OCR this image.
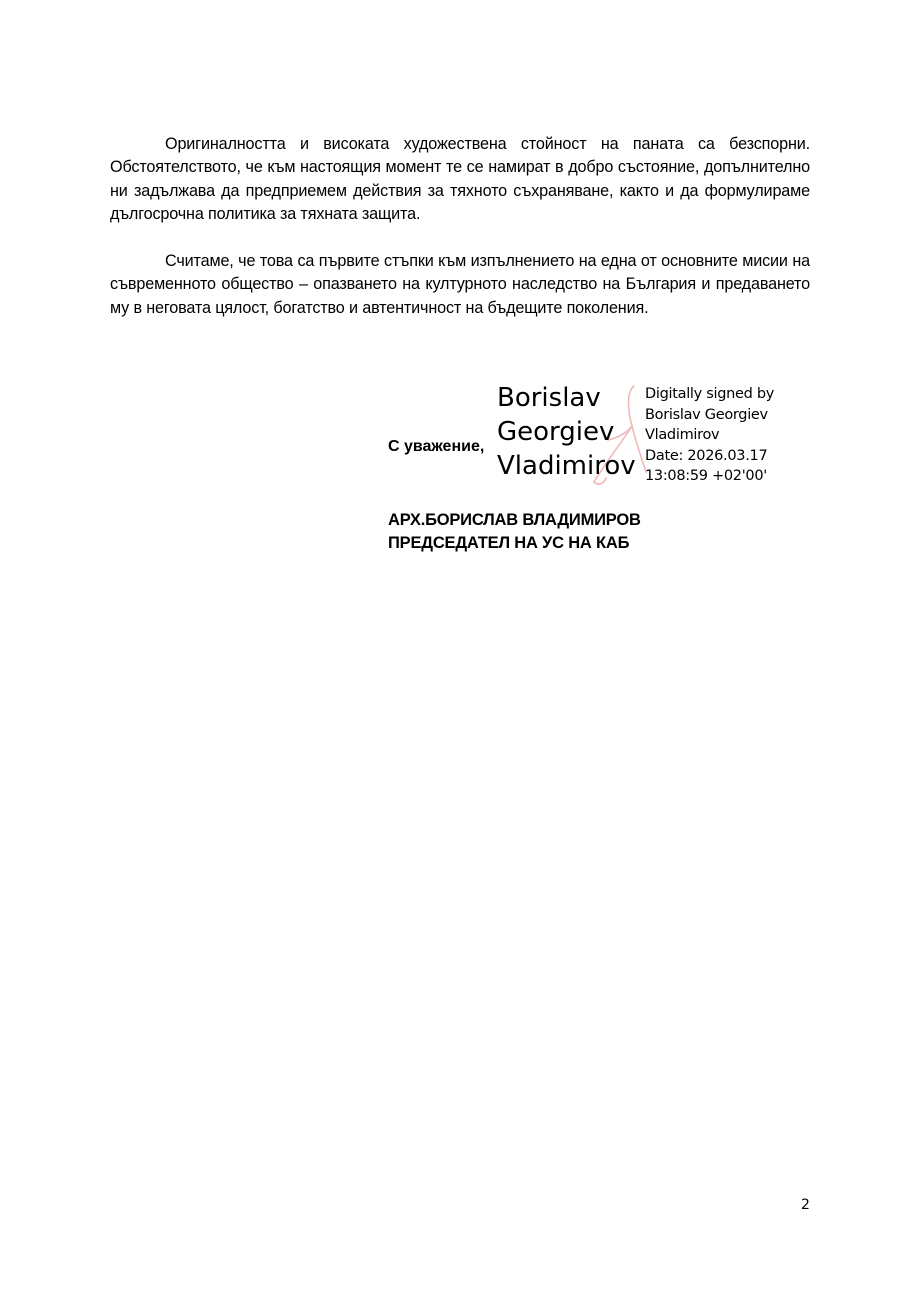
Оригиналността и високата художествена стойност на паната са безспорни. Обстоятелството, че към настоящия момент те се намират в добро състояние, допълнително ни задължава да предприемем действия за тяхното съхраняване, както и да формулираме дългосрочна политика за тяхната защита.

Считаме, че това са първите стъпки към изпълнението на една от основните мисии на съвременното общество – опазването на културното наследство на България и предаването му в неговата цялост, богатство и автентичност на бъдещите поколения.

С уважение,
Borislav
Georgiev
Vladimirov
Digitally signed by
Borislav Georgiev
Vladimirov
Date: 2026.03.17
13:08:59 +02'00'
АРХ.БОРИСЛАВ ВЛАДИМИРОВ
ПРЕДСЕДАТЕЛ НА УС НА КАБ
2
